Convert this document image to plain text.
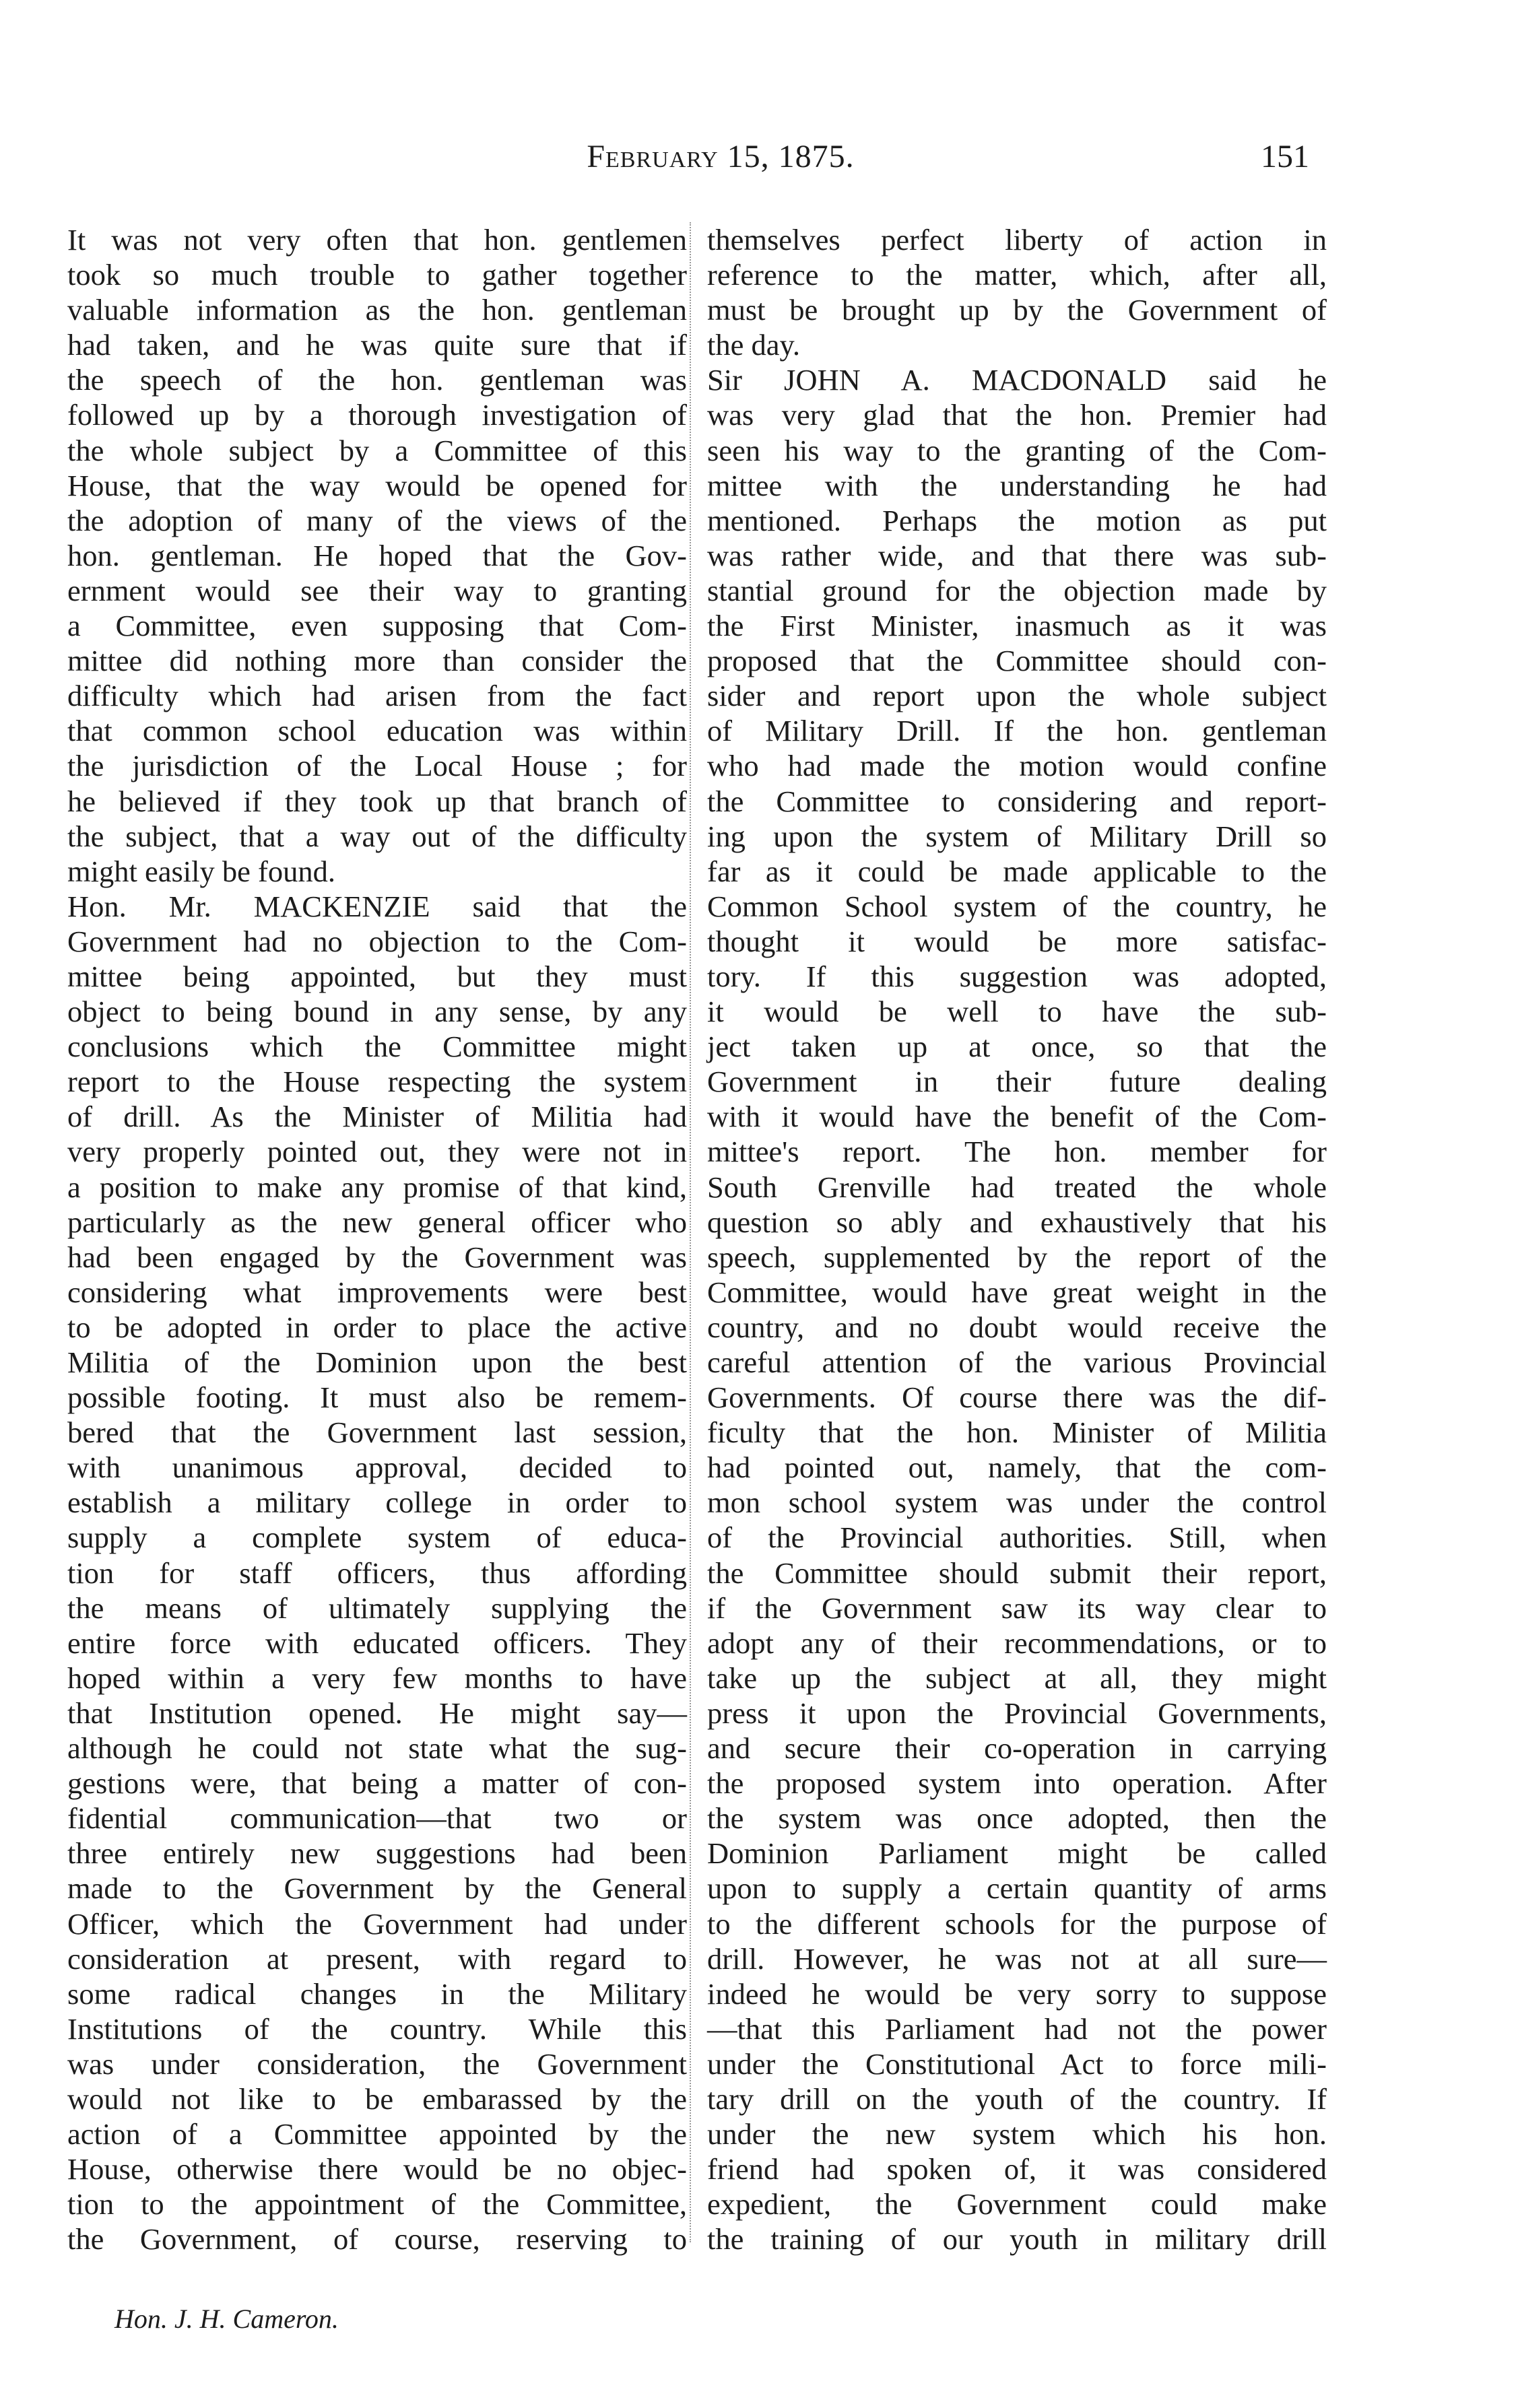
February 15, 1875.	151
It was not very often that hon. gentlemen
took so much trouble to gather together
valuable information as the hon. gentleman
had taken, and he was quite sure that if
the speech of the hon. gentleman was
followed up by a thorough investigation of
the whole subject by a Committee of this
House, that the way would be opened for
the adoption of many of the views of the
hon. gentleman. He hoped that the Gov-
ernment would see their way to granting
a Committee, even supposing that Com-
mittee did nothing more than consider the
difficulty which had arisen from the fact
that common school education was within
the jurisdiction of the Local House ; for
he believed if they took up that branch of
the subject, that a way out of the difficulty
might easily be found.
Hon. Mr. MACKENZIE said that the
Government had no objection to the Com-
mittee being appointed, but they must
object to being bound in any sense, by any
conclusions which the Committee might
report to the House respecting the system
of drill. As the Minister of Militia had
very properly pointed out, they were not in
a position to make any promise of that kind,
particularly as the new general officer who
had been engaged by the Government was
considering what improvements were best
to be adopted in order to place the active
Militia of the Dominion upon the best
possible footing. It must also be remem-
bered that the Government last session,
with unanimous approval, decided to
establish a military college in order to
supply a complete system of educa-
tion for staff officers, thus affording
the means of ultimately supplying the
entire force with educated officers. They
hoped within a very few months to have
that Institution opened. He might say—
although he could not state what the sug-
gestions were, that being a matter of con-
fidential communication—that two or
three entirely new suggestions had been
made to the Government by the General
Officer, which the Government had under
consideration at present, with regard to
some radical changes in the Military
Institutions of the country. While this
was under consideration, the Government
would not like to be embarassed by the
action of a Committee appointed by the
House, otherwise there would be no objec-
tion to the appointment of the Committee,
the Government, of course, reserving to
themselves perfect liberty of action in
reference to the matter, which, after all,
must be brought up by the Government of
the day.
Sir JOHN A. MACDONALD said he
was very glad that the hon. Premier had
seen his way to the granting of the Com-
mittee with the understanding he had
mentioned. Perhaps the motion as put
was rather wide, and that there was sub-
stantial ground for the objection made by
the First Minister, inasmuch as it was
proposed that the Committee should con-
sider and report upon the whole subject
of Military Drill. If the hon. gentleman
who had made the motion would confine
the Committee to considering and report-
ing upon the system of Military Drill so
far as it could be made applicable to the
Common School system of the country, he
thought it would be more satisfac-
tory. If this suggestion was adopted,
it would be well to have the sub-
ject taken up at once, so that the
Government in their future dealing
with it would have the benefit of the Com-
mittee's report. The hon. member for
South Grenville had treated the whole
question so ably and exhaustively that his
speech, supplemented by the report of the
Committee, would have great weight in the
country, and no doubt would receive the
careful attention of the various Provincial
Governments. Of course there was the dif-
ficulty that the hon. Minister of Militia
had pointed out, namely, that the com-
mon school system was under the control
of the Provincial authorities. Still, when
the Committee should submit their report,
if the Government saw its way clear to
adopt any of their recommendations, or to
take up the subject at all, they might
press it upon the Provincial Governments,
and secure their co-operation in carrying
the proposed system into operation. After
the system was once adopted, then the
Dominion Parliament might be called
upon to supply a certain quantity of arms
to the different schools for the purpose of
drill. However, he was not at all sure—
indeed he would be very sorry to suppose
—that this Parliament had not the power
under the Constitutional Act to force mili-
tary drill on the youth of the country. If
under the new system which his hon.
friend had spoken of, it was considered
expedient, the Government could make
the training of our youth in military drill
Hon. J. H. Cameron.
